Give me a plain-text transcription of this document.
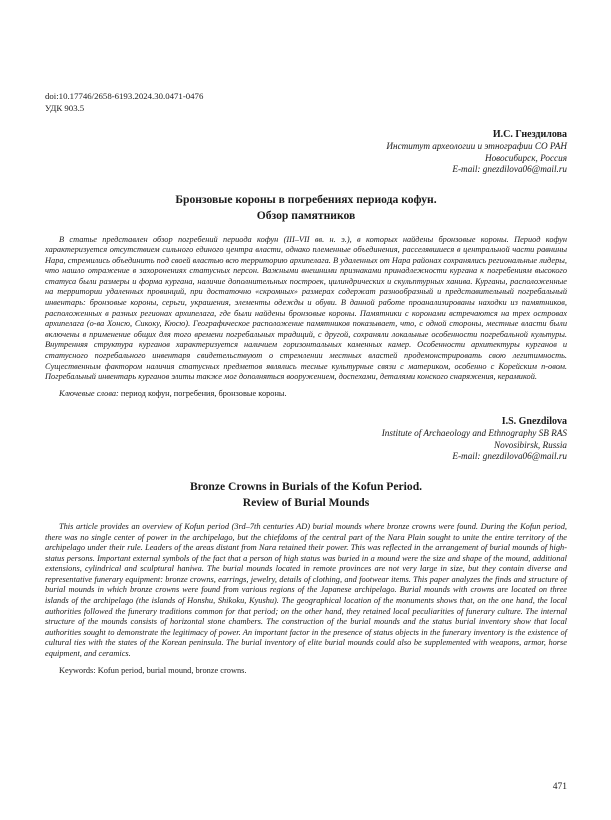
doi:10.17746/2658-6193.2024.30.0471-0476
УДК 903.5
И.С. Гнездилова
Институт археологии и этнографии СО РАН
Новосибирск, Россия
E-mail: gnezdilova06@mail.ru
Бронзовые короны в погребениях периода кофун.
Обзор памятников

В статье представлен обзор погребений периода кофун (III–VII вв. н. э.), в которых найдены бронзовые короны. Период кофун характеризуется отсутствием сильного единого центра власти, однако племенные объединения, расселявшиеся в центральной части равнины Нара, стремились объединить под своей властью всю территорию архипелага. В удаленных от Нара районах сохранялись региональные лидеры, что нашло отражение в захоронениях статусных персон. Важными внешними признаками принадлежности кургана к погребениям высокого статуса были размеры и форма кургана, наличие дополнительных построек, цилиндрических и скульптурных ханива. Курганы, расположенные на территории удаленных провинций, при достаточно «скромных» размерах содержат разнообразный и представительный погребальный инвентарь: бронзовые короны, серьги, украшения, элементы одежды и обуви. В данной работе проанализированы находки из памятников, расположенных в разных регионах архипелага, где были найдены бронзовые короны. Памятники с коронами встречаются на трех островах архипелага (о-ва Хонсю, Сикоку, Кюсю). Географическое расположение памятников показывает, что, с одной стороны, местные власти были включены в применение общих для того времени погребальных традиций, с другой, сохраняли локальные особенности погребальной культуры. Внутренняя структура курганов характеризуется наличием горизонтальных каменных камер. Особенности архитектуры курганов и статусного погребального инвентаря свидетельствуют о стремлении местных властей продемонстрировать свою легитимность. Существенным фактором наличия статусных предметов являлись тесные культурные связи с материком, особенно с Корейским п-овом. Погребальный инвентарь курганов элиты также мог дополняться вооружением, доспехами, деталями конского снаряжения, керамикой.

Ключевые слова: период кофун, погребения, бронзовые короны.

I.S. Gnezdilova
Institute of Archaeology and Ethnography SB RAS
Novosibirsk, Russia
E-mail: gnezdilova06@mail.ru
Bronze Crowns in Burials of the Kofun Period.
Review of Burial Mounds

This article provides an overview of Kofun period (3rd–7th centuries AD) burial mounds where bronze crowns were found. During the Kofun period, there was no single center of power in the archipelago, but the chiefdoms of the central part of the Nara Plain sought to unite the entire territory of the archipelago under their rule. Leaders of the areas distant from Nara retained their power. This was reflected in the arrangement of burial mounds of high-status persons. Important external symbols of the fact that a person of high status was buried in a mound were the size and shape of the mound, additional extensions, cylindrical and sculptural haniwa. The burial mounds located in remote provinces are not very large in size, but they contain diverse and representative funerary equipment: bronze crowns, earrings, jewelry, details of clothing, and footwear items. This paper analyzes the finds and structure of burial mounds in which bronze crowns were found from various regions of the Japanese archipelago. Burial mounds with crowns are located on three islands of the archipelago (the islands of Honshu, Shikoku, Kyushu). The geographical location of the monuments shows that, on the one hand, the local authorities followed the funerary traditions common for that period; on the other hand, they retained local peculiarities of funerary culture. The internal structure of the mounds consists of horizontal stone chambers. The construction of the burial mounds and the status burial inventory show that local authorities sought to demonstrate the legitimacy of power. An important factor in the presence of status objects in the funerary inventory is the existence of cultural ties with the states of the Korean peninsula. The burial inventory of elite burial mounds could also be supplemented with weapons, armor, horse equipment, and ceramics.

Keywords: Kofun period, burial mound, bronze crowns.

471
